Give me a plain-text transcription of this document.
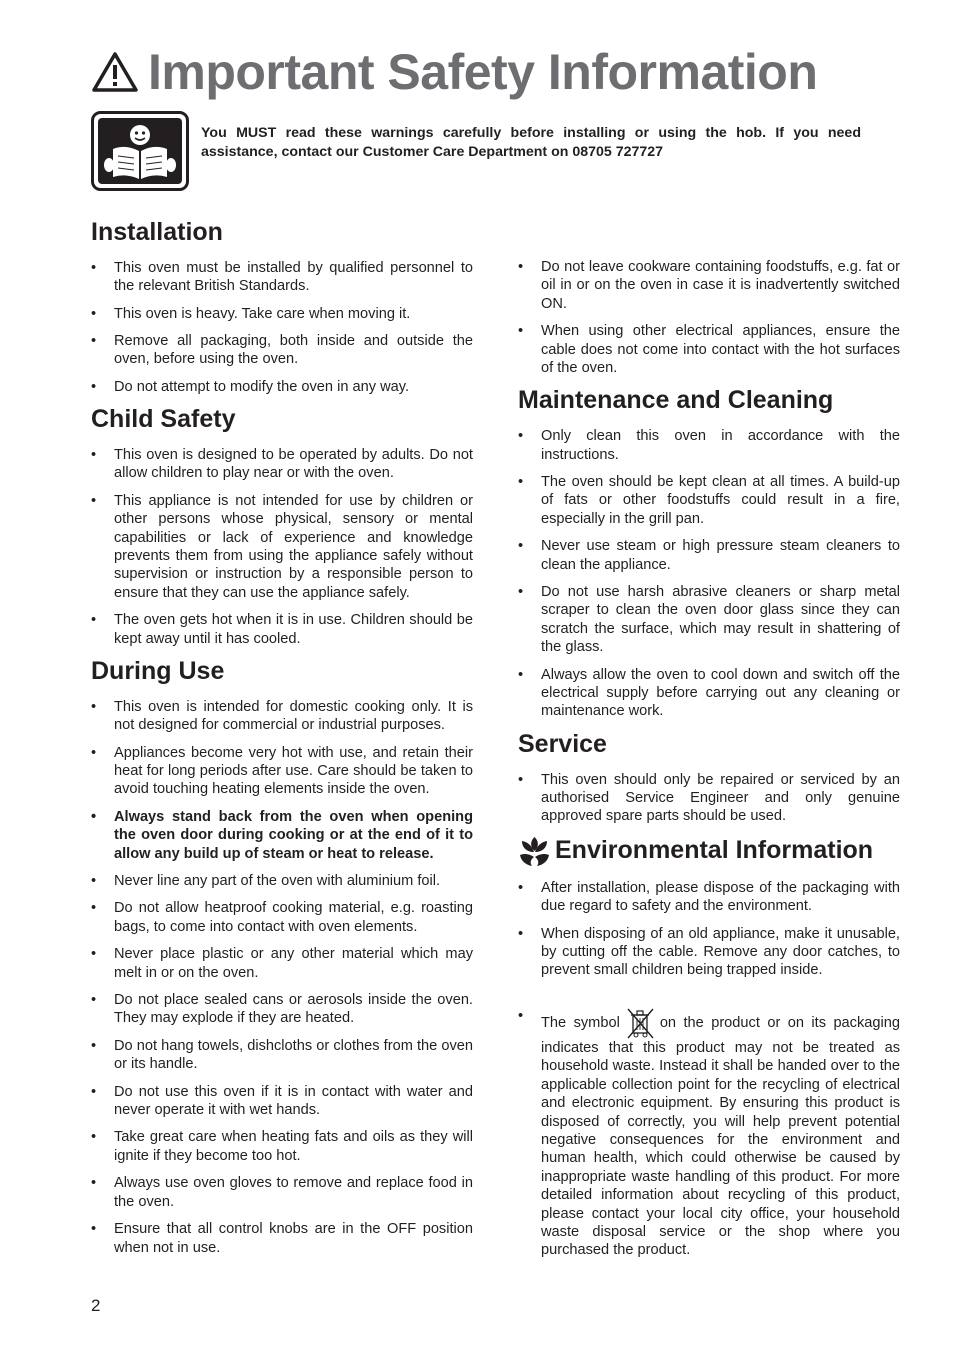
Important Safety Information

You MUST read these warnings carefully before installing or using the hob. If you need assistance, contact our Customer Care Department on 08705 727727

Installation
• This oven must be installed by qualified personnel to the relevant British Standards.
• This oven is heavy. Take care when moving it.
• Remove all packaging, both inside and outside the oven, before using the oven.
• Do not attempt to modify the oven in any way.
Child Safety
• This oven is designed to be operated by adults. Do not allow children to play near or with the oven.
• This appliance is not intended for use by children or other persons whose physical, sensory or mental capabilities or lack of experience and knowledge prevents them from using the appliance safely without supervision or instruction by a responsible person to ensure that they can use the appliance safely.
• The oven gets hot when it is in use. Children should be kept away until it has cooled.
During Use
• This oven is intended for domestic cooking only. It is not designed for commercial or industrial purposes.
• Appliances become very hot with use, and retain their heat for long periods after use. Care should be taken to avoid touching heating elements inside the oven.
• Always stand back from the oven when opening the oven door during cooking or at the end of it to allow any build up of steam or heat to release.
• Never line any part of the oven with aluminium foil.
• Do not allow heatproof cooking material, e.g. roasting bags, to come into contact with oven elements.
• Never place plastic or any other material which may melt in or on the oven.
• Do not place sealed cans or aerosols inside the oven. They may explode if they are heated.
• Do not hang towels, dishcloths or clothes from the oven or its handle.
• Do not use this oven if it is in contact with water and never operate it with wet hands.
• Take great care when heating fats and oils as they will ignite if they become too hot.
• Always use oven gloves to remove and replace food in the oven.
• Ensure that all control knobs are in the OFF position when not in use.
• Do not leave cookware containing foodstuffs, e.g. fat or oil in or on the oven in case it is inadvertently switched ON.
• When using other electrical appliances, ensure the cable does not come into contact with the hot surfaces of the oven.
Maintenance and Cleaning
• Only clean this oven in accordance with the instructions.
• The oven should be kept clean at all times. A build-up of fats or other foodstuffs could result in a fire, especially in the grill pan.
• Never use steam or high pressure steam cleaners to clean the appliance.
• Do not use harsh abrasive cleaners or sharp metal scraper to clean the oven door glass since they can scratch the surface, which may result in shattering of the glass.
• Always allow the oven to cool down and switch off the electrical supply before carrying out any cleaning or maintenance work.
Service
• This oven should only be repaired or serviced by an authorised Service Engineer and only genuine approved spare parts should be used.
Environmental Information
• After installation, please dispose of the packaging with due regard to safety and the environment.
• When disposing of an old appliance, make it unusable, by cutting off the cable. Remove any door catches, to prevent small children being trapped inside.
• The symbol	on the product or on its packaging indicates that this product may not be treated as household waste. Instead it shall be handed over to the applicable collection point for the recycling of electrical and electronic equipment. By ensuring this product is disposed of correctly, you will help prevent potential negative consequences for the environment and human health, which could otherwise be caused by inappropriate waste handling of this product. For more detailed information about recycling of this product, please contact your local city office, your household waste disposal service or the shop where you purchased the product.

2
